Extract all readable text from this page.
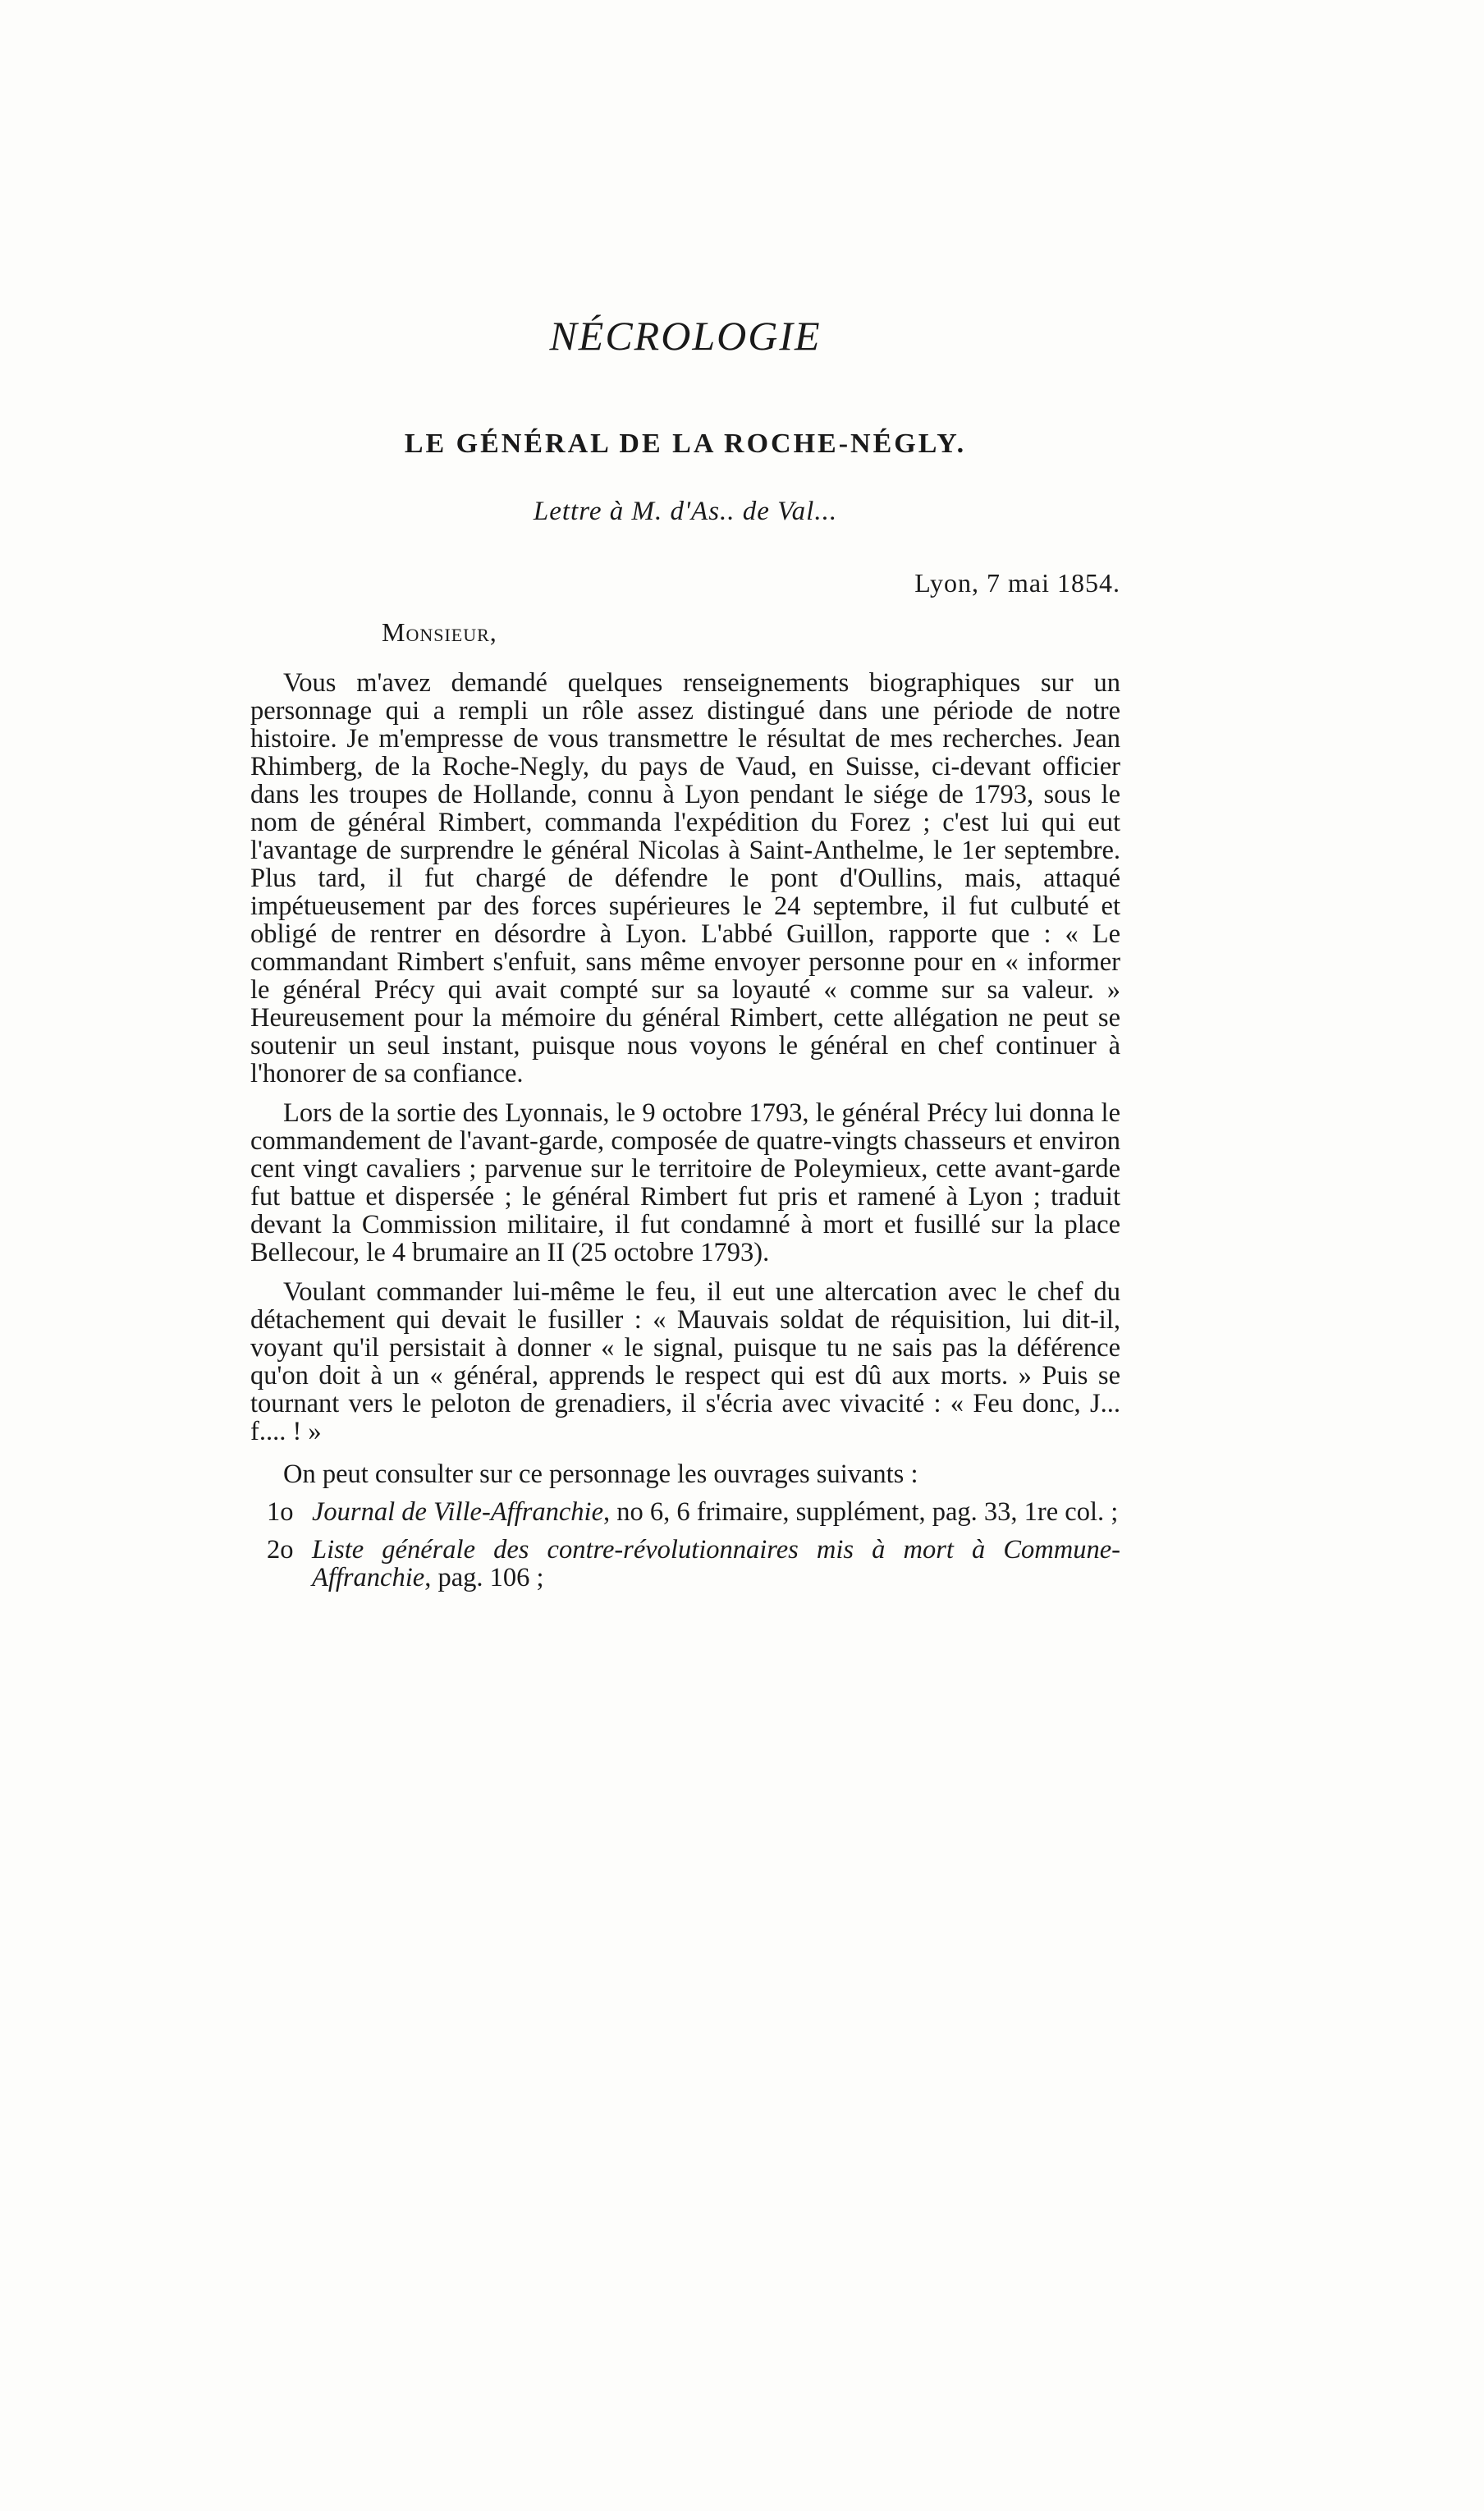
NÉCROLOGIE
LE GÉNÉRAL DE LA ROCHE-NÉGLY.
Lettre à M. d'As.. de Val...
Lyon, 7 mai 1854.
Monsieur,

Vous m'avez demandé quelques renseignements biographiques sur un personnage qui a rempli un rôle assez distingué dans une période de notre histoire. Je m'empresse de vous transmettre le résultat de mes recherches. Jean Rhimberg, de la Roche-Negly, du pays de Vaud, en Suisse, ci-devant officier dans les troupes de Hollande, connu à Lyon pendant le siége de 1793, sous le nom de général Rimbert, commanda l'expédition du Forez ; c'est lui qui eut l'avantage de surprendre le général Nicolas à Saint-Anthelme, le 1er septembre. Plus tard, il fut chargé de défendre le pont d'Oullins, mais, attaqué impétueusement par des forces supérieures le 24 septembre, il fut culbuté et obligé de rentrer en désordre à Lyon. L'abbé Guillon, rapporte que : « Le commandant Rimbert s'enfuit, sans même envoyer personne pour en « informer le général Précy qui avait compté sur sa loyauté « comme sur sa valeur. » Heureusement pour la mémoire du général Rimbert, cette allégation ne peut se soutenir un seul instant, puisque nous voyons le général en chef continuer à l'honorer de sa confiance.

Lors de la sortie des Lyonnais, le 9 octobre 1793, le général Précy lui donna le commandement de l'avant-garde, composée de quatre-vingts chasseurs et environ cent vingt cavaliers ; parvenue sur le territoire de Poleymieux, cette avant-garde fut battue et dispersée ; le général Rimbert fut pris et ramené à Lyon ; traduit devant la Commission militaire, il fut condamné à mort et fusillé sur la place Bellecour, le 4 brumaire an II (25 octobre 1793).

Voulant commander lui-même le feu, il eut une altercation avec le chef du détachement qui devait le fusiller : « Mauvais soldat de réquisition, lui dit-il, voyant qu'il persistait à donner « le signal, puisque tu ne sais pas la déférence qu'on doit à un « général, apprends le respect qui est dû aux morts. » Puis se tournant vers le peloton de grenadiers, il s'écria avec vivacité : « Feu donc, J... f.... ! »

On peut consulter sur ce personnage les ouvrages suivants :

1o Journal de Ville-Affranchie, no 6, 6 frimaire, supplément, pag. 33, 1re col. ;

2o Liste générale des contre-révolutionnaires mis à mort à Commune-Affranchie, pag. 106 ;
